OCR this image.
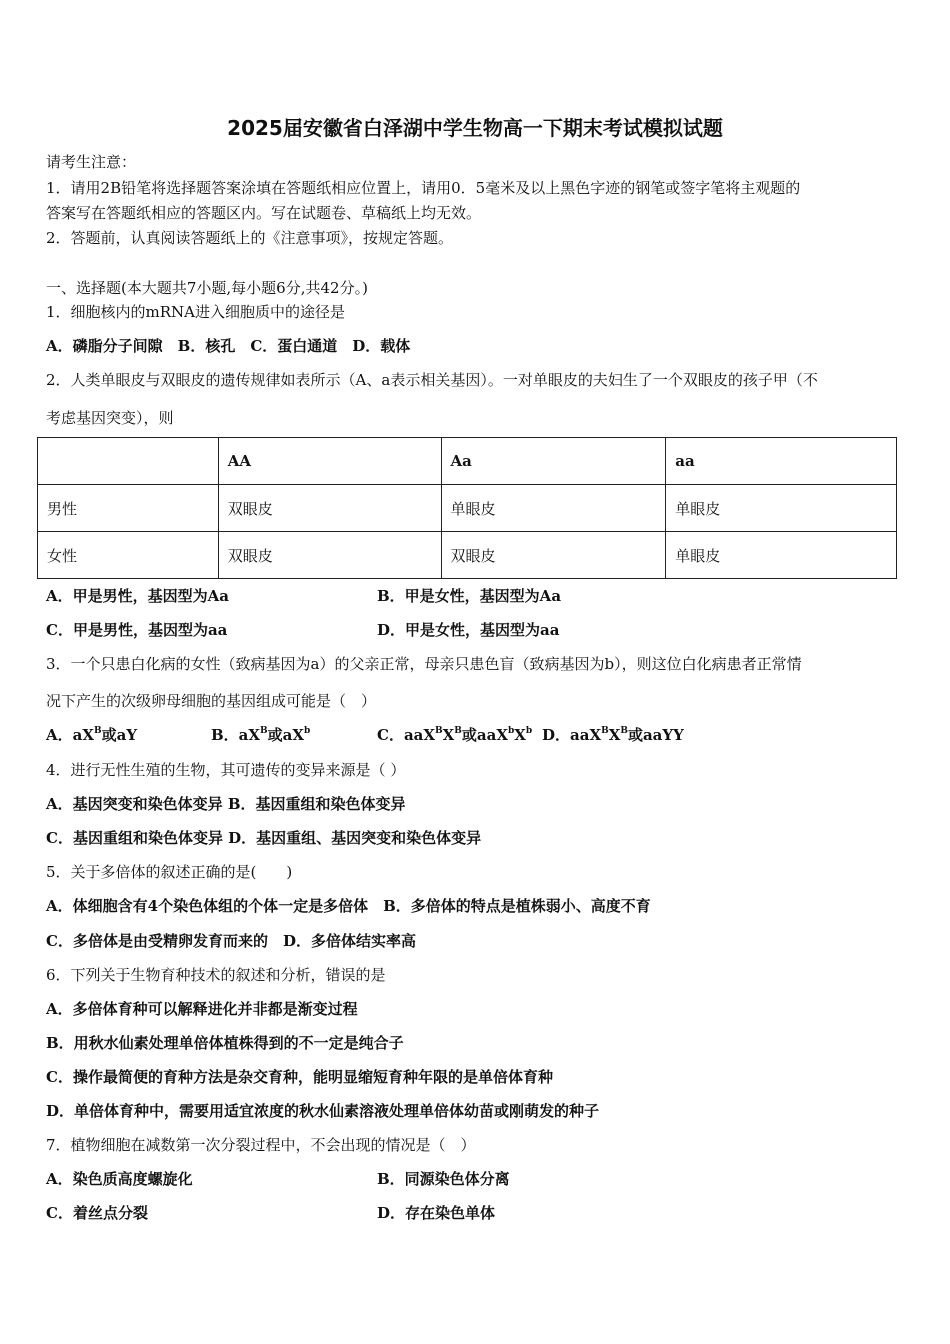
2025届安徽省白泽湖中学生物高一下期末考试模拟试题
请考生注意：
1．请用2B铅笔将选择题答案涂填在答题纸相应位置上，请用0．5毫米及以上黑色字迹的钢笔或签字笔将主观题的
答案写在答题纸相应的答题区内。写在试题卷、草稿纸上均无效。
2．答题前，认真阅读答题纸上的《注意事项》，按规定答题。
一、选择题(本大题共7小题,每小题6分,共42分。)
1．细胞核内的mRNA进入细胞质中的途径是
A．磷脂分子间隙　B．核孔　C．蛋白通道　D．载体
2．人类单眼皮与双眼皮的遗传规律如表所示（A、a表示相关基因）。一对单眼皮的夫妇生了一个双眼皮的孩子甲（不
考虑基因突变），则
	AA	Aa	aa
男性	双眼皮	单眼皮	单眼皮
女性	双眼皮	双眼皮	单眼皮
A．甲是男性，基因型为Aa	B．甲是女性，基因型为Aa
C．甲是男性，基因型为aa	D．甲是女性，基因型为aa
3．一个只患白化病的女性（致病基因为a）的父亲正常，母亲只患色盲（致病基因为b），则这位白化病患者正常情
况下产生的次级卵母细胞的基因组成可能是（　）
A．$aX^B$或aY	B．$aX^B$或$aX^b$	C．$aaX^BX^B$或$aaX^bX^b$ D．$aaX^BX^B$或aaYY
4．进行无性生殖的生物，其可遗传的变异来源是（ ）
A．基因突变和染色体变异 B．基因重组和染色体变异
C．基因重组和染色体变异 D．基因重组、基因突变和染色体变异
5．关于多倍体的叙述正确的是(　　)
A．体细胞含有4个染色体组的个体一定是多倍体　B．多倍体的特点是植株弱小、高度不育
C．多倍体是由受精卵发育而来的　D．多倍体结实率高
6．下列关于生物育种技术的叙述和分析，错误的是
A．多倍体育种可以解释进化并非都是渐变过程
B．用秋水仙素处理单倍体植株得到的不一定是纯合子
C．操作最简便的育种方法是杂交育种，能明显缩短育种年限的是单倍体育种
D．单倍体育种中，需要用适宜浓度的秋水仙素溶液处理单倍体幼苗或刚萌发的种子
7．植物细胞在减数第一次分裂过程中，不会出现的情况是（　）
A．染色质高度螺旋化	B．同源染色体分离
C．着丝点分裂	D．存在染色单体
